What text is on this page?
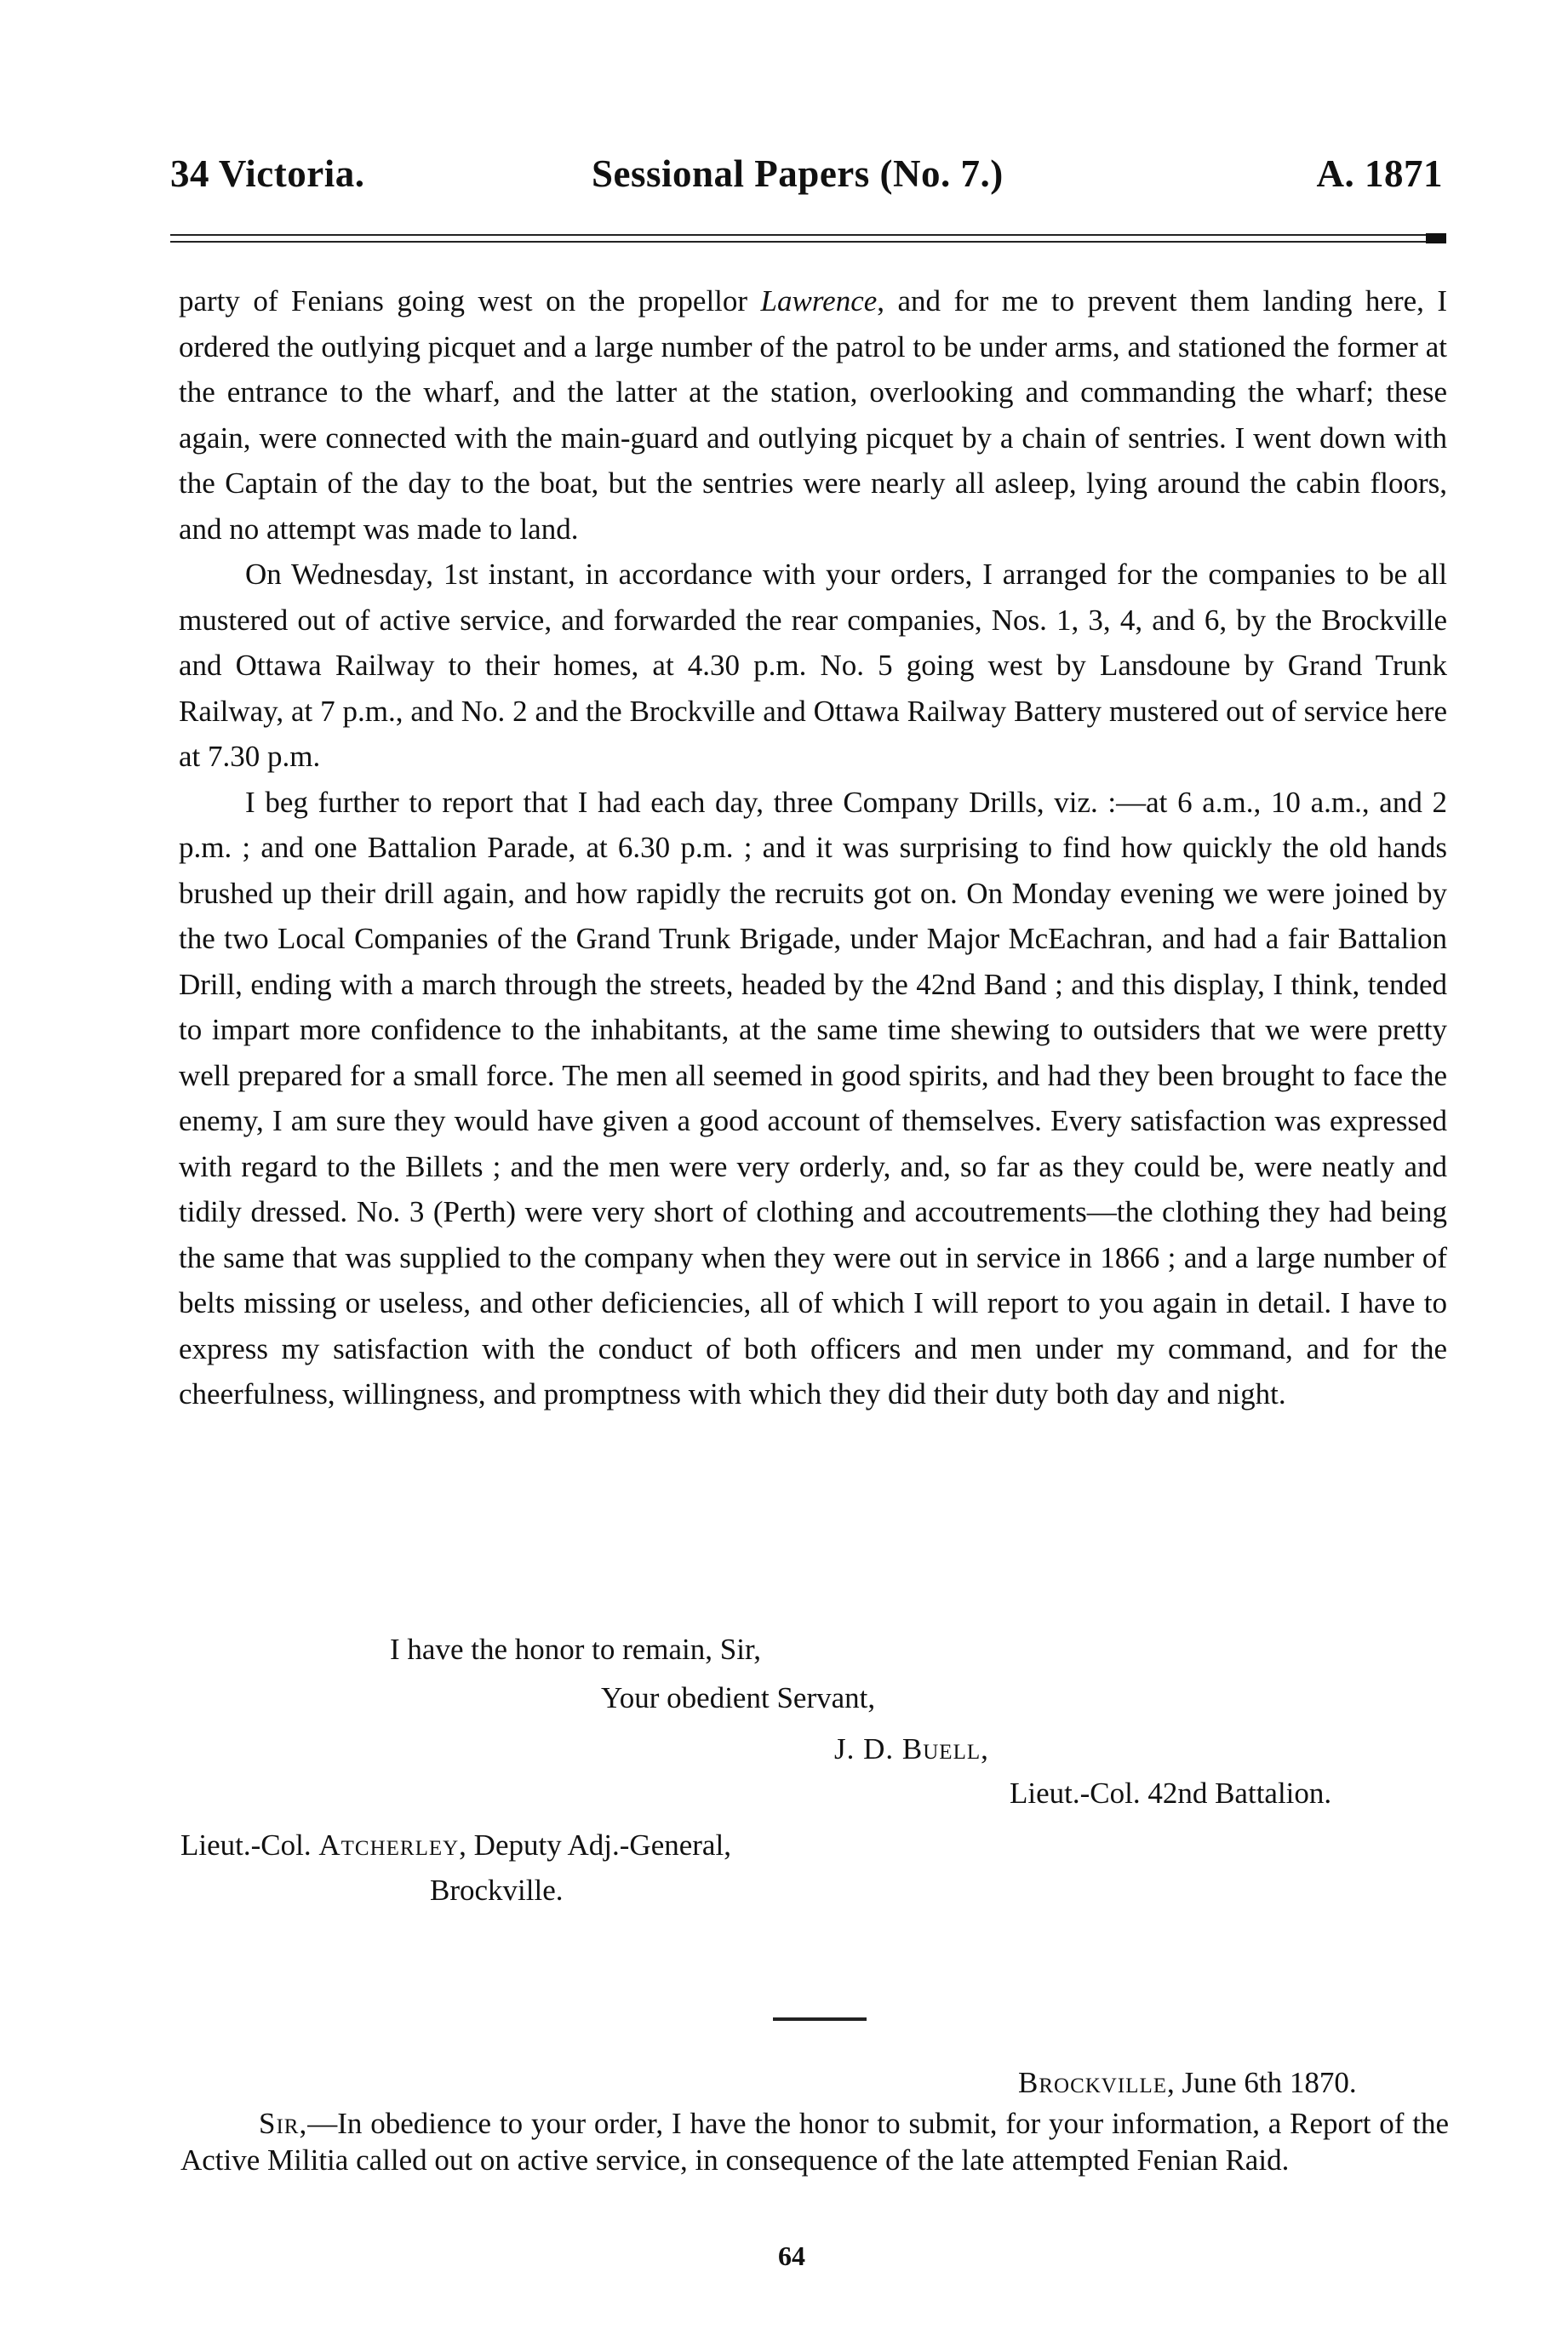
34 Victoria.	Sessional Papers (No. 7.)	A. 1871

party of Fenians going west on the propellor Lawrence, and for me to prevent them landing here, I ordered the outlying picquet and a large number of the patrol to be under arms, and stationed the former at the entrance to the wharf, and the latter at the station, overlooking and commanding the wharf; these again, were connected with the main-guard and outlying picquet by a chain of sentries. I went down with the Captain of the day to the boat, but the sentries were nearly all asleep, lying around the cabin floors, and no attempt was made to land.

On Wednesday, 1st instant, in accordance with your orders, I arranged for the companies to be all mustered out of active service, and forwarded the rear companies, Nos. 1, 3, 4, and 6, by the Brockville and Ottawa Railway to their homes, at 4.30 p.m. No. 5 going west by Lansdoune by Grand Trunk Railway, at 7 p.m., and No. 2 and the Brockville and Ottawa Railway Battery mustered out of service here at 7.30 p.m.

I beg further to report that I had each day, three Company Drills, viz. :—at 6 a.m., 10 a.m., and 2 p.m. ; and one Battalion Parade, at 6.30 p.m. ; and it was surprising to find how quickly the old hands brushed up their drill again, and how rapidly the recruits got on. On Monday evening we were joined by the two Local Companies of the Grand Trunk Brigade, under Major McEachran, and had a fair Battalion Drill, ending with a march through the streets, headed by the 42nd Band ; and this display, I think, tended to impart more confidence to the inhabitants, at the same time shewing to outsiders that we were pretty well prepared for a small force. The men all seemed in good spirits, and had they been brought to face the enemy, I am sure they would have given a good account of themselves. Every satisfaction was expressed with regard to the Billets ; and the men were very orderly, and, so far as they could be, were neatly and tidily dressed. No. 3 (Perth) were very short of clothing and accoutrements—the clothing they had being the same that was supplied to the company when they were out in service in 1866 ; and a large number of belts missing or useless, and other deficiencies, all of which I will report to you again in detail. I have to express my satisfaction with the conduct of both officers and men under my command, and for the cheerfulness, willingness, and promptness with which they did their duty both day and night.

I have the honor to remain, Sir,
Your obedient Servant,
J. D. Buell,
Lieut.-Col. 42nd Battalion.
Lieut.-Col. Atcherley, Deputy Adj.-General,
Brockville.
Brockville, June 6th 1870.

Sir,—In obedience to your order, I have the honor to submit, for your information, a Report of the Active Militia called out on active service, in consequence of the late attempted Fenian Raid.

64
